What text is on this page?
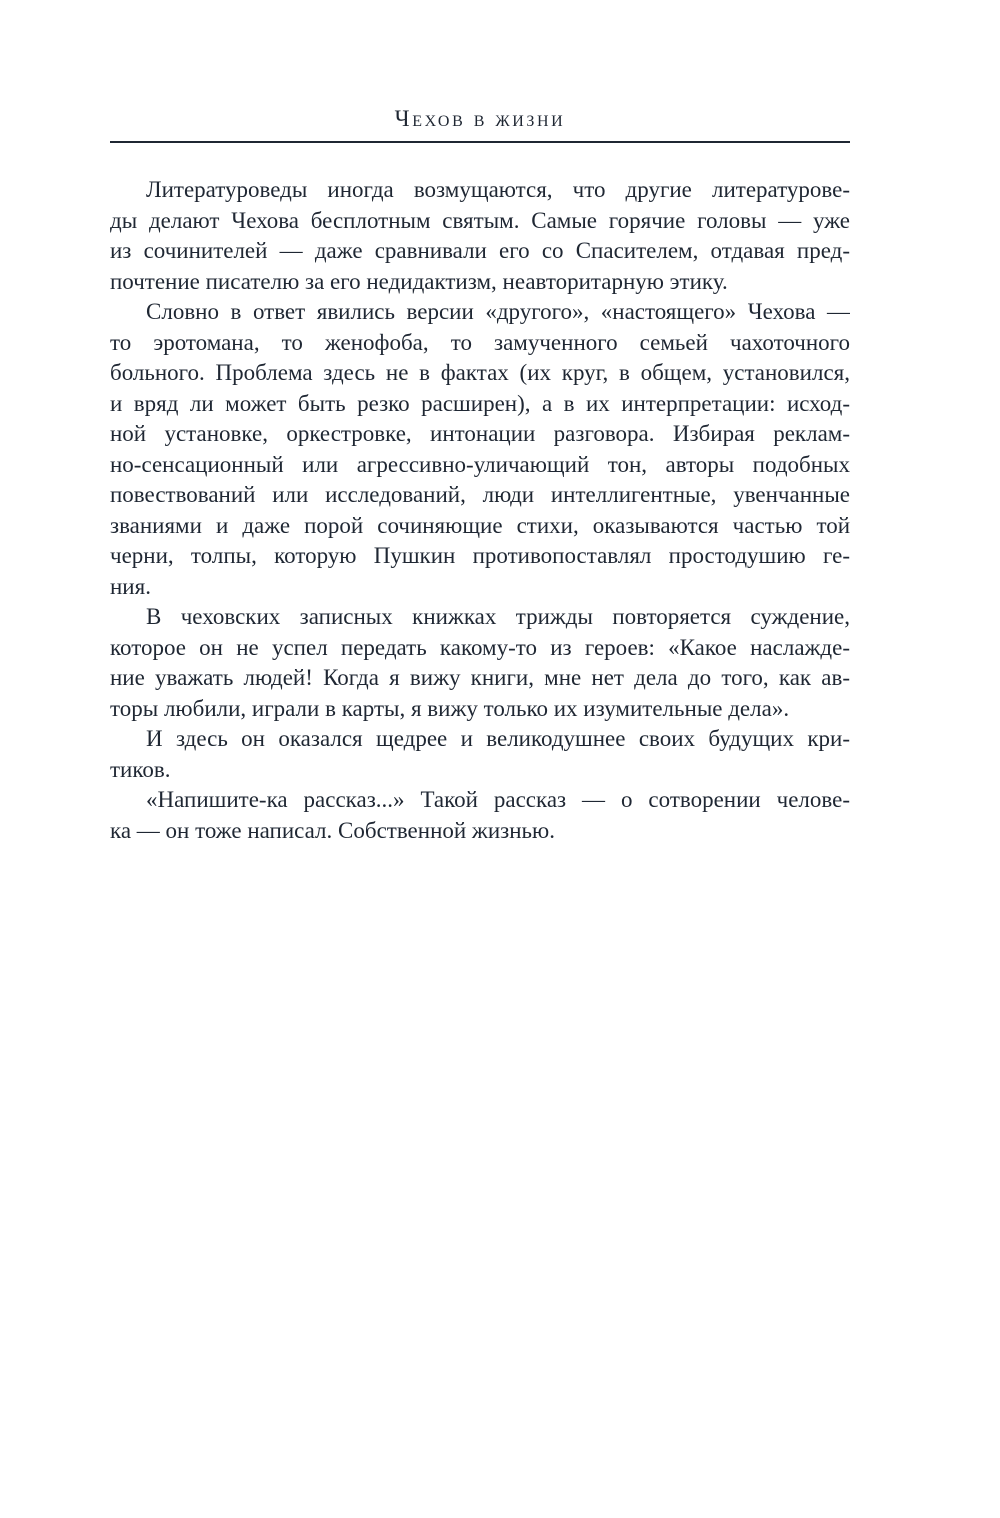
Чехов в жизни
Литературоведы иногда возмущаются, что другие литературове-
ды делают Чехова бесплотным святым. Самые горячие головы — уже
из сочинителей — даже сравнивали его со Спасителем, отдавая пред-
почтение писателю за его недидактизм, неавторитарную этику.
Словно в ответ явились версии «другого», «настоящего» Чехова —
то эротомана, то женофоба, то замученного семьей чахоточного
больного. Проблема здесь не в фактах (их круг, в общем, установился,
и вряд ли может быть резко расширен), а в их интерпретации: исход-
ной установке, оркестровке, интонации разговора. Избирая реклам-
но-сенсационный или агрессивно-уличающий тон, авторы подобных
повествований или исследований, люди интеллигентные, увенчанные
званиями и даже порой сочиняющие стихи, оказываются частью той
черни, толпы, которую Пушкин противопоставлял простодушию ге-
ния.
В чеховских записных книжках трижды повторяется суждение,
которое он не успел передать какому-то из героев: «Какое наслажде-
ние уважать людей! Когда я вижу книги, мне нет дела до того, как ав-
торы любили, играли в карты, я вижу только их изумительные дела».
И здесь он оказался щедрее и великодушнее своих будущих кри-
тиков.
«Напишите-ка рассказ...» Такой рассказ — о сотворении челове-
ка — он тоже написал. Собственной жизнью.
